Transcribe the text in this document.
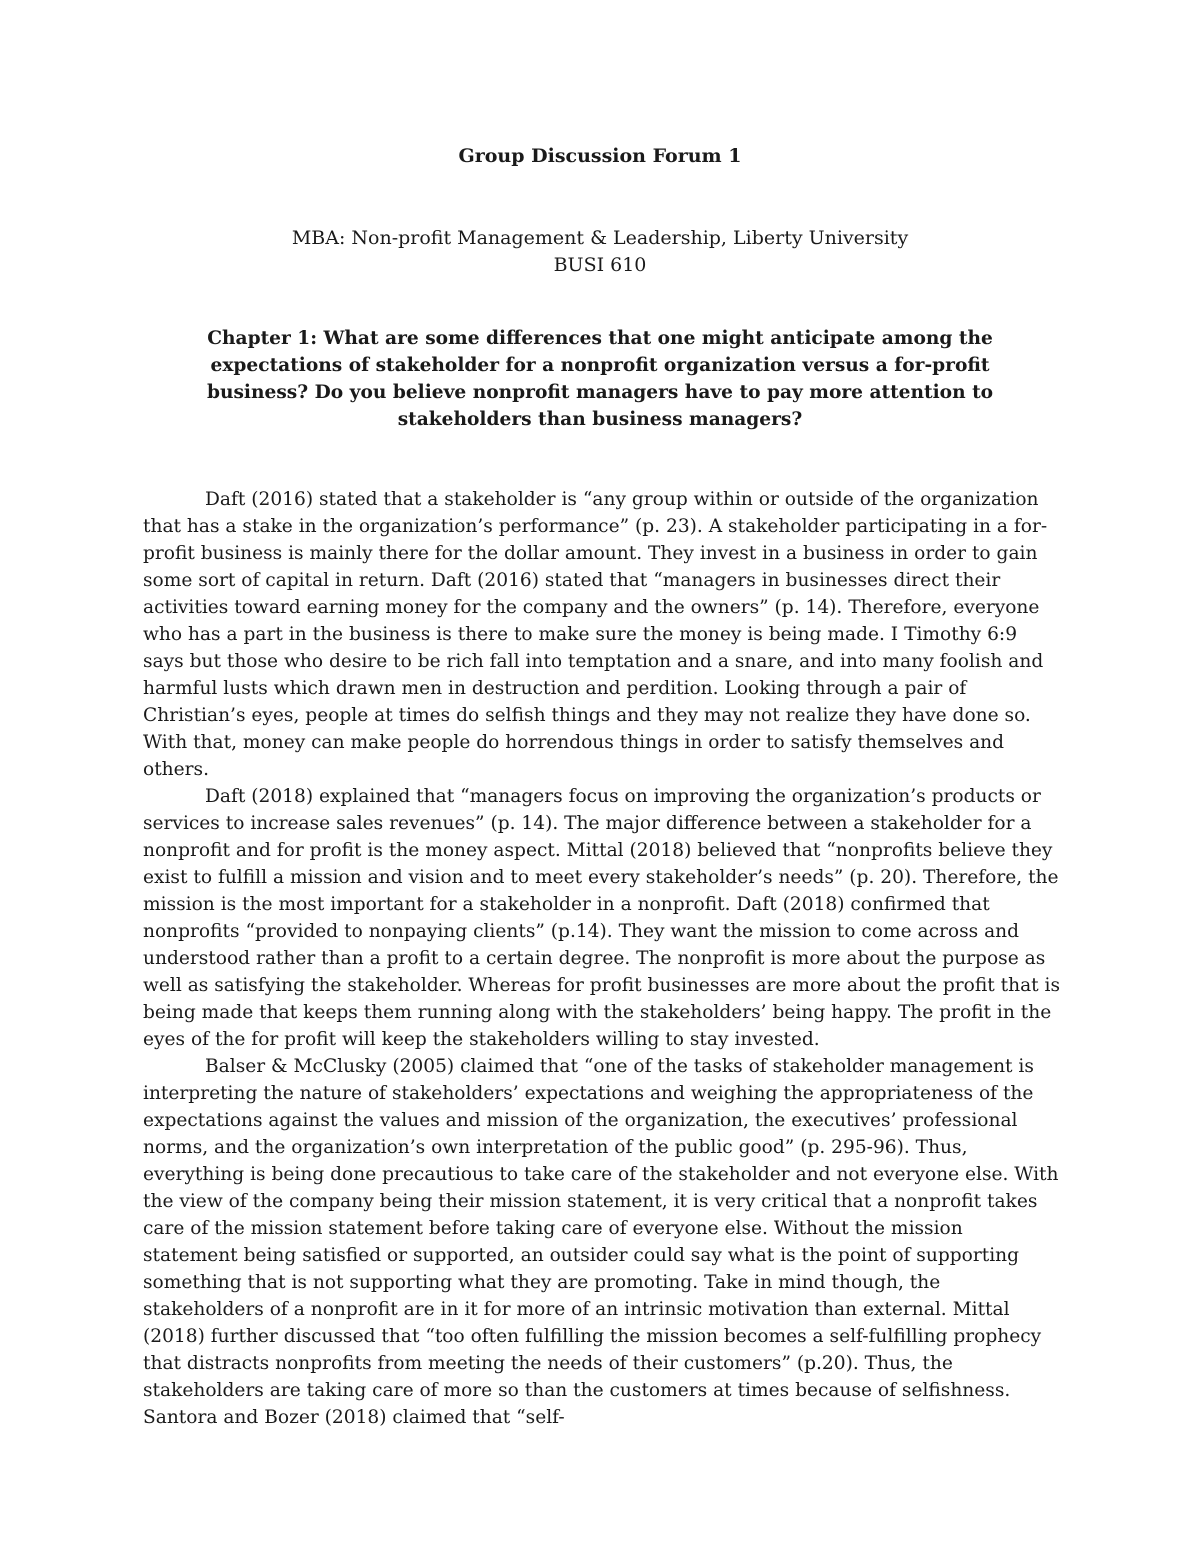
Group Discussion Forum 1
MBA: Non-profit Management & Leadership, Liberty University
BUSI 610
Chapter 1: What are some differences that one might anticipate among the expectations of stakeholder for a nonprofit organization versus a for-profit business? Do you believe nonprofit managers have to pay more attention to stakeholders than business managers?

Daft (2016) stated that a stakeholder is “any group within or outside of the organization that has a stake in the organization’s performance” (p. 23). A stakeholder participating in a for-profit business is mainly there for the dollar amount. They invest in a business in order to gain some sort of capital in return. Daft (2016) stated that “managers in businesses direct their activities toward earning money for the company and the owners” (p. 14). Therefore, everyone who has a part in the business is there to make sure the money is being made. I Timothy 6:9 says but those who desire to be rich fall into temptation and a snare, and into many foolish and harmful lusts which drawn men in destruction and perdition. Looking through a pair of Christian’s eyes, people at times do selfish things and they may not realize they have done so. With that, money can make people do horrendous things in order to satisfy themselves and others.

Daft (2018) explained that “managers focus on improving the organization’s products or services to increase sales revenues” (p. 14). The major difference between a stakeholder for a nonprofit and for profit is the money aspect. Mittal (2018) believed that “nonprofits believe they exist to fulfill a mission and vision and to meet every stakeholder’s needs” (p. 20). Therefore, the mission is the most important for a stakeholder in a nonprofit. Daft (2018) confirmed that nonprofits “provided to nonpaying clients” (p.14). They want the mission to come across and understood rather than a profit to a certain degree. The nonprofit is more about the purpose as well as satisfying the stakeholder. Whereas for profit businesses are more about the profit that is being made that keeps them running along with the stakeholders’ being happy. The profit in the eyes of the for profit will keep the stakeholders willing to stay invested.

Balser & McClusky (2005) claimed that “one of the tasks of stakeholder management is interpreting the nature of stakeholders’ expectations and weighing the appropriateness of the expectations against the values and mission of the organization, the executives’ professional norms, and the organization’s own interpretation of the public good” (p. 295-96). Thus, everything is being done precautious to take care of the stakeholder and not everyone else. With the view of the company being their mission statement, it is very critical that a nonprofit takes care of the mission statement before taking care of everyone else. Without the mission statement being satisfied or supported, an outsider could say what is the point of supporting something that is not supporting what they are promoting. Take in mind though, the stakeholders of a nonprofit are in it for more of an intrinsic motivation than external. Mittal (2018) further discussed that “too often fulfilling the mission becomes a self-fulfilling prophecy that distracts nonprofits from meeting the needs of their customers” (p.20). Thus, the stakeholders are taking care of more so than the customers at times because of selfishness. Santora and Bozer (2018) claimed that “self-
